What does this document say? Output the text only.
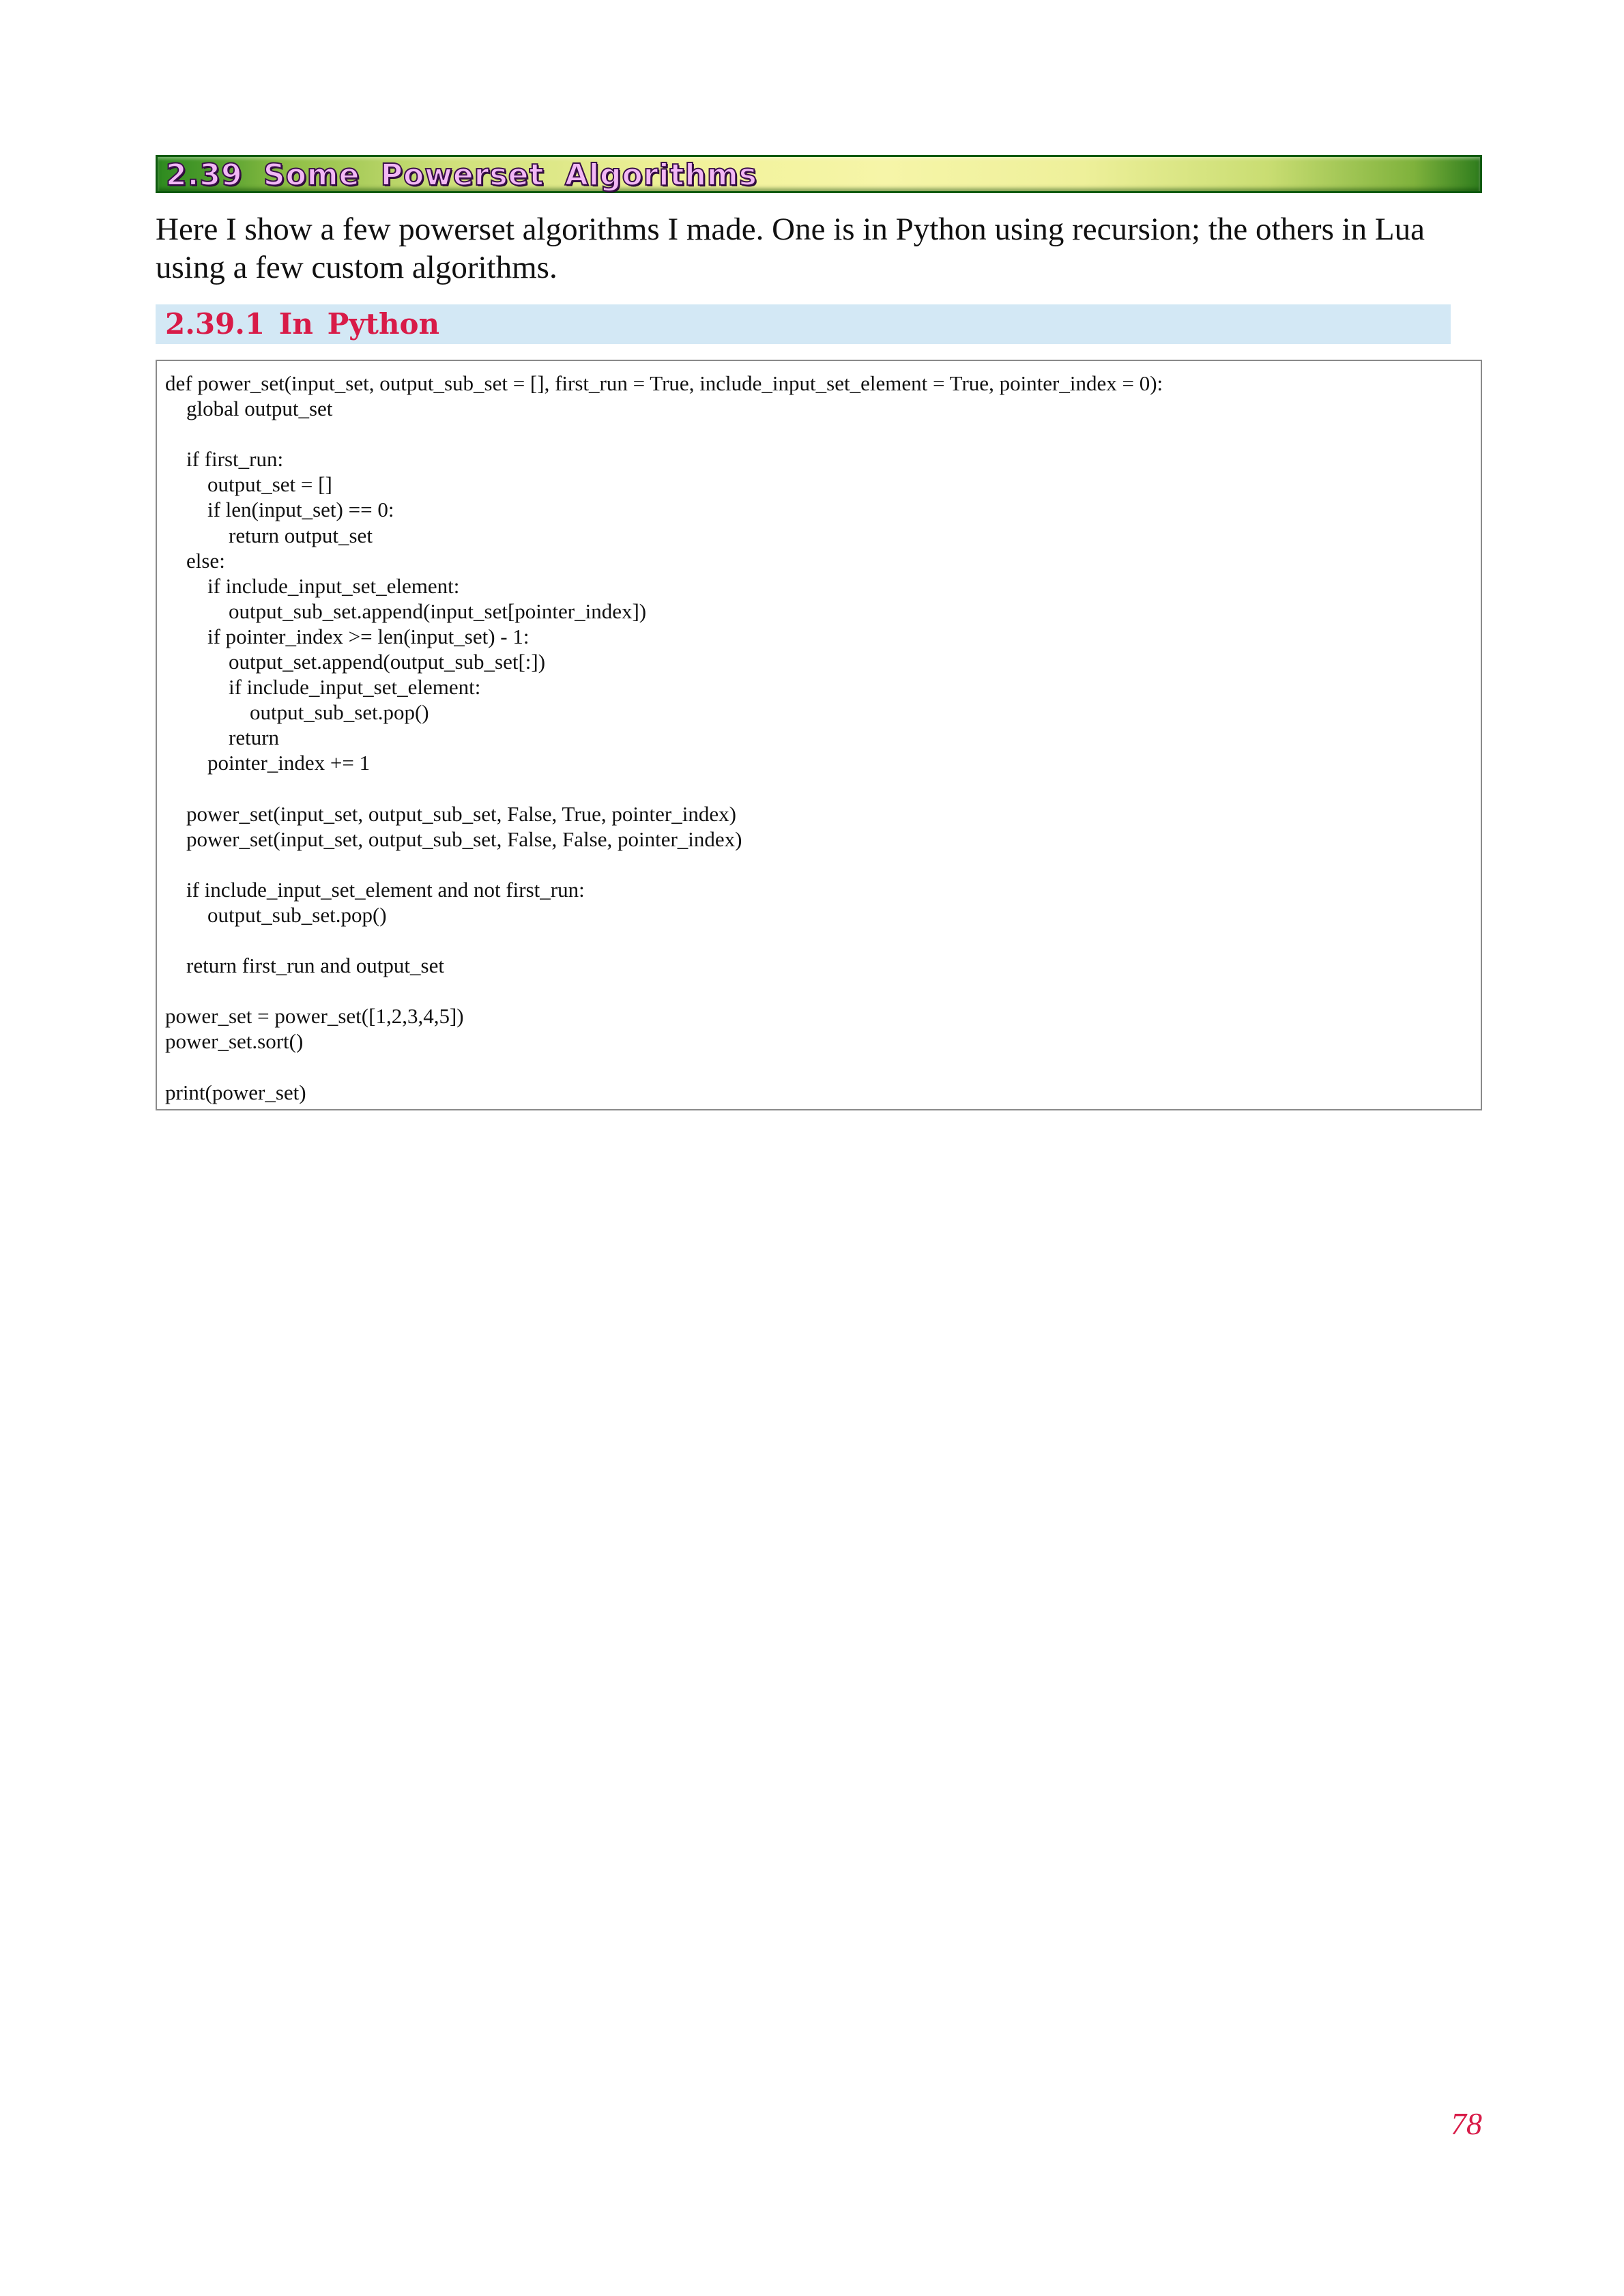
2.39 Some Powerset Algorithms
Here I show a few powerset algorithms I made. One is in Python using recursion; the others in Lua using a few custom algorithms.
2.39.1 In Python
def power_set(input_set, output_sub_set = [], first_run = True, include_input_set_element = True, pointer_index = 0):
global output_set
if first_run:
output_set = []
if len(input_set) == 0:
return output_set
else:
if include_input_set_element:
output_sub_set.append(input_set[pointer_index])
if pointer_index >= len(input_set) - 1:
output_set.append(output_sub_set[:])
if include_input_set_element:
output_sub_set.pop()
return
pointer_index += 1
power_set(input_set, output_sub_set, False, True, pointer_index)
power_set(input_set, output_sub_set, False, False, pointer_index)
if include_input_set_element and not first_run:
output_sub_set.pop()
return first_run and output_set
power_set = power_set([1,2,3,4,5])
power_set.sort()
print(power_set)
78
